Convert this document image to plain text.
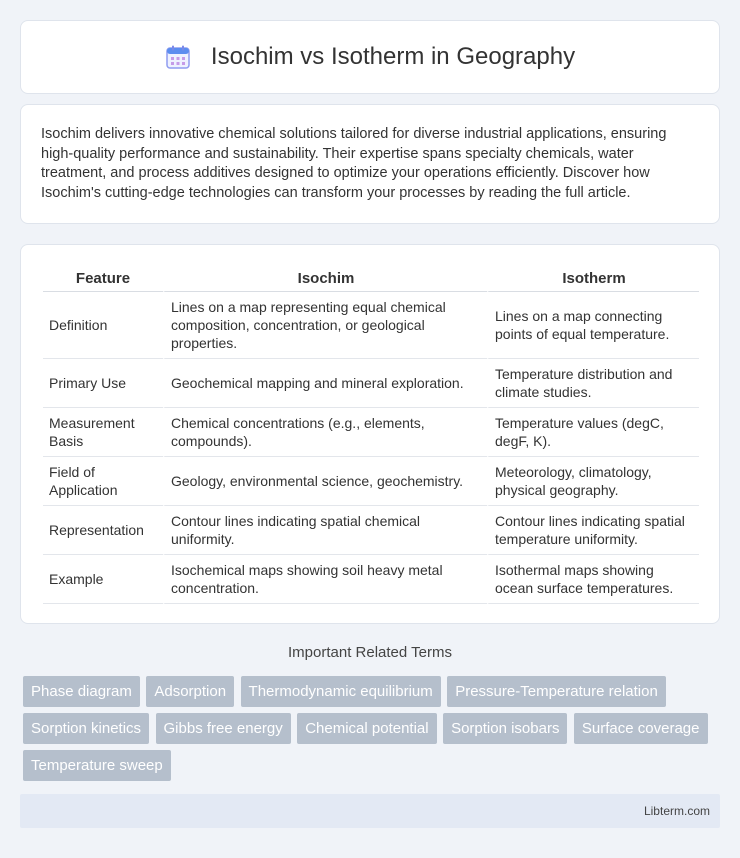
Isochim vs Isotherm in Geography

Isochim delivers innovative chemical solutions tailored for diverse industrial applications, ensuring high-quality performance and sustainability. Their expertise spans specialty chemicals, water treatment, and process additives designed to optimize your operations efficiently. Discover how Isochim's cutting-edge technologies can transform your processes by reading the full article.

Feature	Isochim	Isotherm
Definition	Lines on a map representing equal chemical composition, concentration, or geological properties.	Lines on a map connecting points of equal temperature.
Primary Use	Geochemical mapping and mineral exploration.	Temperature distribution and climate studies.
Measurement Basis	Chemical concentrations (e.g., elements, compounds).	Temperature values (degC, degF, K).
Field of Application	Geology, environmental science, geochemistry.	Meteorology, climatology, physical geography.
Representation	Contour lines indicating spatial chemical uniformity.	Contour lines indicating spatial temperature uniformity.
Example	Isochemical maps showing soil heavy metal concentration.	Isothermal maps showing ocean surface temperatures.
Important Related Terms
Phase diagram Adsorption Thermodynamic equilibrium Pressure-Temperature relation Sorption kinetics Gibbs free energy Chemical potential Sorption isobars Surface coverage Temperature sweep
Libterm.com
